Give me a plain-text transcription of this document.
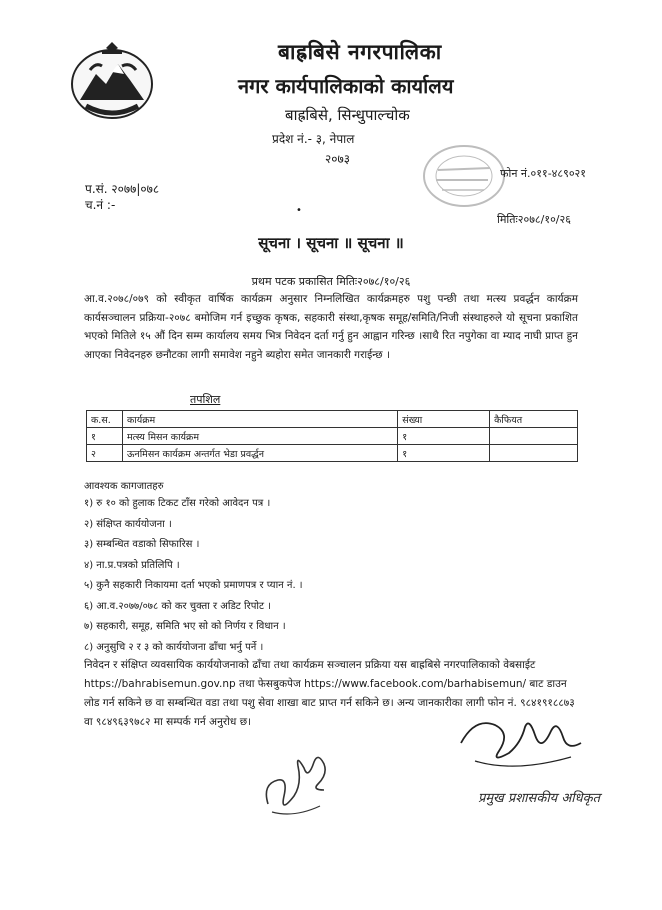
बाह्रबिसे नगरपालिका
नगर कार्यपालिकाको कार्यालय
बाह्रबिसे, सिन्धुपाल्चोक
प्रदेश नं.- ३, नेपाल
२०७३
फोन नं.०११-४८९०२१
प.सं. २०७७|०७८
च.नं :-	•
मितिः२०७८/१०/२६
सूचना । सूचना ॥ सूचना ॥
प्रथम पटक प्रकासित मितिः२०७८/१०/२६

आ.व.२०७८/०७९ को स्वीकृत वार्षिक कार्यक्रम अनुसार निम्नलिखित कार्यक्रमहरु पशु पन्छी तथा मत्स्य प्रवर्द्धन कार्यक्रम कार्यसञ्चालन प्रक्रिया-२०७८ बमोजिम गर्न इच्छुक कृषक, सहकारी संस्था,कृषक समूह/समिति/निजी संस्थाहरुले यो सूचना प्रकाशित भएको मितिले १५ औं दिन सम्म कार्यालय समय भित्र निवेदन दर्ता गर्नु हुन आह्वान गरिन्छ ।साथै रित नपुगेका वा म्याद नाघी प्राप्त हुन आएका निवेदनहरु छनौटका लागी समावेश नहुने ब्यहोरा समेत जानकारी गराईन्छ ।

तपशिल
क.स.	कार्यक्रम	संख्या	कैफियत
१	मत्स्य मिसन कार्यक्रम	१	
२	ऊनमिसन कार्यक्रम अन्तर्गत भेडा प्रवर्द्धन	१	
आवश्यक कागजातहरु
१) रु १० को हुलाक टिकट टाँस गरेको आवेदन पत्र ।
२) संक्षिप्त कार्ययोजना ।
३) सम्बन्धित वडाको सिफारिस ।
४) ना.प्र.पत्रको प्रतिलिपि ।
५) कुनै सहकारी निकायमा दर्ता भएको प्रमाणपत्र र प्यान नं. ।
६) आ.व.२०७७/०७८ को कर चुक्ता र अडिट रिपोट ।
७) सहकारी, समूह, समिति भए सो को निर्णय र विधान ।
८) अनुसुचि २ र ३ को कार्ययोजना ढाँचा भर्नु पर्ने ।

निवेदन र संक्षिप्त व्यवसायिक कार्ययोजनाको ढाँचा तथा कार्यक्रम सञ्चालन प्रक्रिया यस बाह्रबिसे नगरपालिकाको वेबसाईट https://bahrabisemun.gov.np तथा फेसबुकपेज https://www.facebook.com/barhabisemun/ बाट डाउन लोड गर्न सकिने छ वा सम्बन्धित वडा तथा पशु सेवा शाखा बाट प्राप्त गर्न सकिने छ। अन्य जानकारीका लागी फोन नं. ९८४१९१८८७३ वा ९८४९६३९७८२ मा सम्पर्क गर्न अनुरोध छ।

प्रमुख प्रशासकीय अधिकृत
